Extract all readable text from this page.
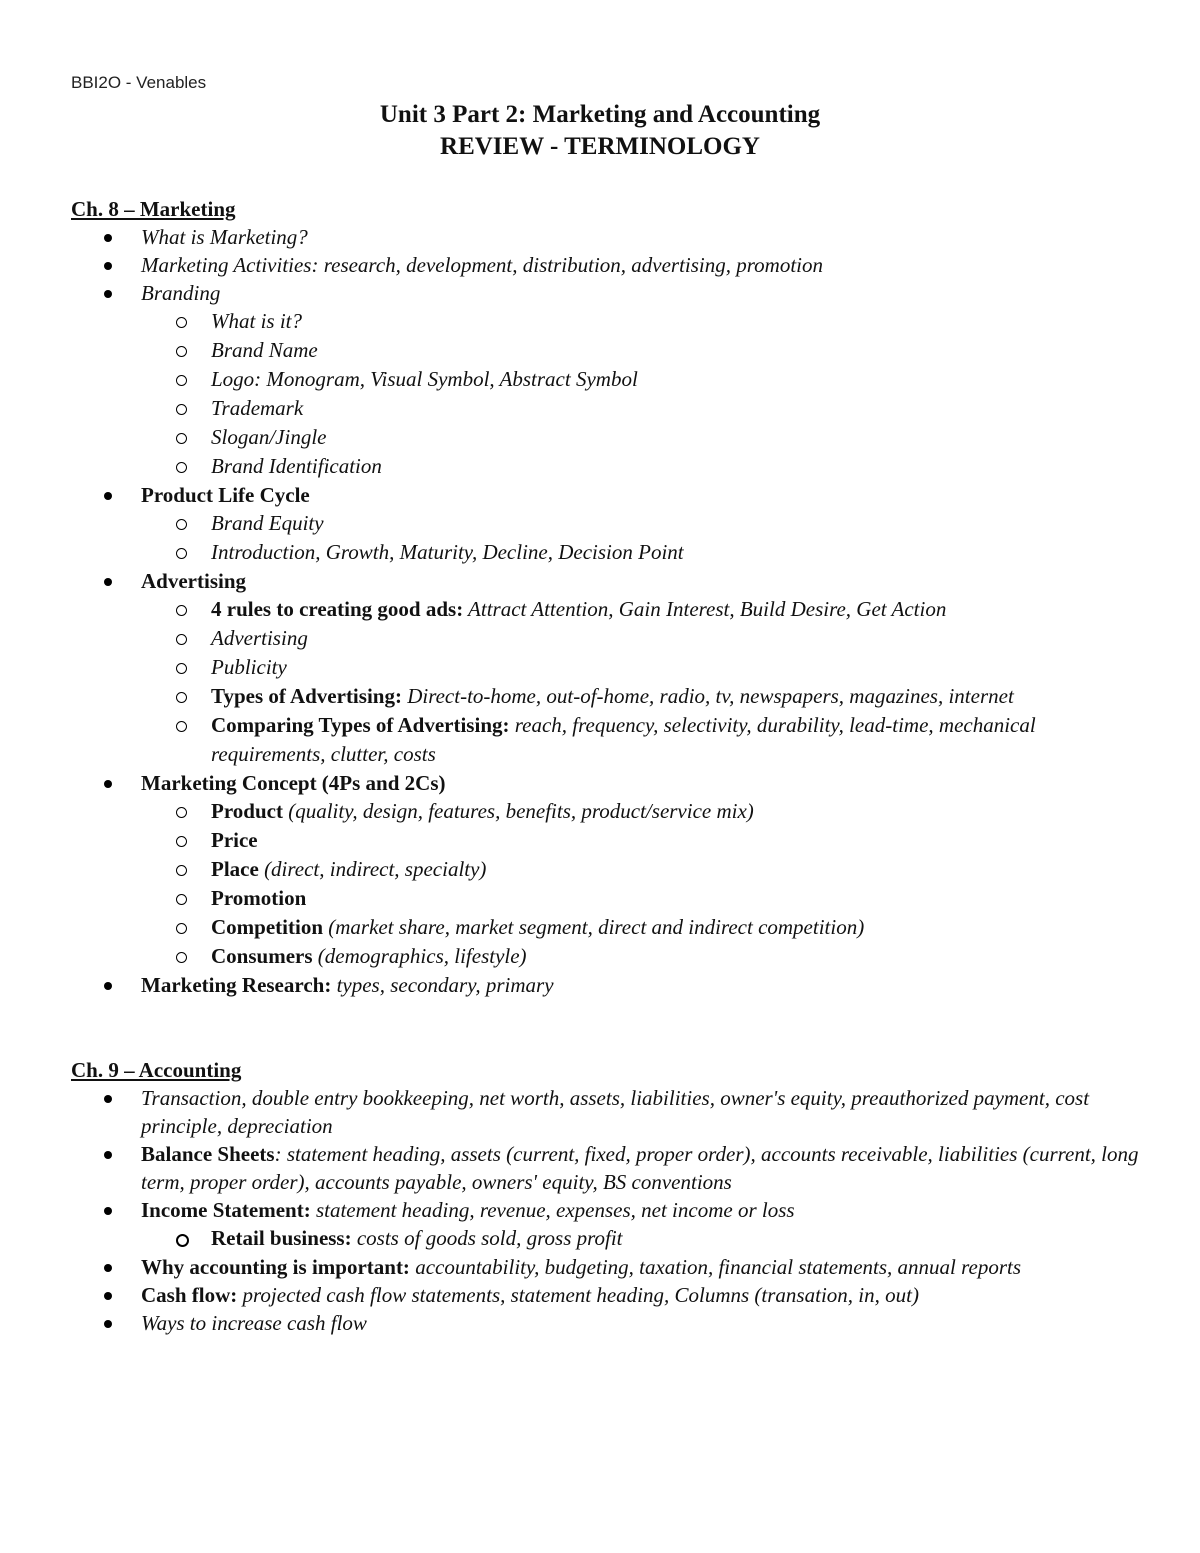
BBI2O - Venables
Unit 3 Part 2: Marketing and Accounting
REVIEW - TERMINOLOGY
Ch. 8 – Marketing
What is Marketing?
Marketing Activities: research, development, distribution, advertising, promotion
Branding
What is it?
Brand Name
Logo: Monogram, Visual Symbol, Abstract Symbol
Trademark
Slogan/Jingle
Brand Identification
Product Life Cycle
Brand Equity
Introduction, Growth, Maturity, Decline, Decision Point
Advertising
4 rules to creating good ads: Attract Attention, Gain Interest, Build Desire, Get Action
Advertising
Publicity
Types of Advertising: Direct-to-home, out-of-home, radio, tv, newspapers, magazines, internet
Comparing Types of Advertising: reach, frequency, selectivity, durability, lead-time, mechanical requirements, clutter, costs
Marketing Concept (4Ps and 2Cs)
Product (quality, design, features, benefits, product/service mix)
Price
Place (direct, indirect, specialty)
Promotion
Competition (market share, market segment, direct and indirect competition)
Consumers (demographics, lifestyle)
Marketing Research: types, secondary, primary
Ch. 9 – Accounting
Transaction, double entry bookkeeping, net worth, assets, liabilities, owner's equity, preauthorized payment, cost principle, depreciation
Balance Sheets: statement heading, assets (current, fixed, proper order), accounts receivable, liabilities (current, long term, proper order), accounts payable, owners' equity, BS conventions
Income Statement: statement heading, revenue, expenses, net income or loss
Retail business: costs of goods sold, gross profit
Why accounting is important: accountability, budgeting, taxation, financial statements, annual reports
Cash flow: projected cash flow statements, statement heading, Columns (transation, in, out)
Ways to increase cash flow
